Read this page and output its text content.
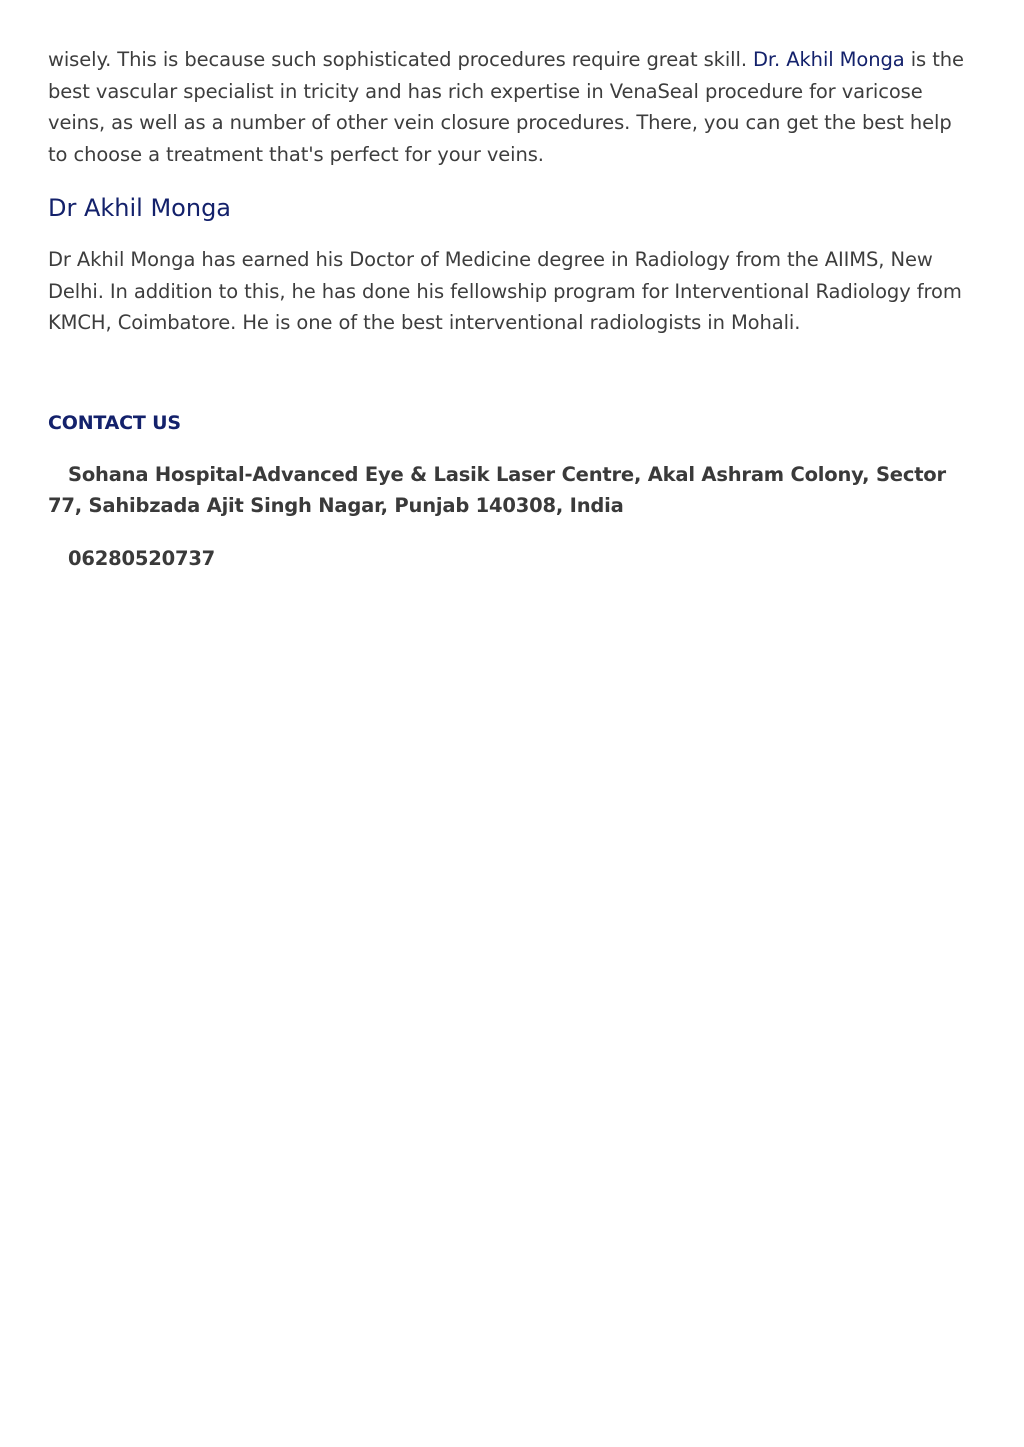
wisely. This is because such sophisticated procedures require great skill. Dr. Akhil Monga is the best vascular specialist in tricity and has rich expertise in VenaSeal procedure for varicose veins, as well as a number of other vein closure procedures. There, you can get the best help to choose a treatment that's perfect for your veins.

Dr Akhil Monga

Dr Akhil Monga has earned his Doctor of Medicine degree in Radiology from the AIIMS, New Delhi. In addition to this, he has done his fellowship program for Interventional Radiology from KMCH, Coimbatore. He is one of the best interventional radiologists in Mohali.

CONTACT US

Sohana Hospital-Advanced Eye & Lasik Laser Centre, Akal Ashram Colony, Sector 77, Sahibzada Ajit Singh Nagar, Punjab 140308, India

06280520737
